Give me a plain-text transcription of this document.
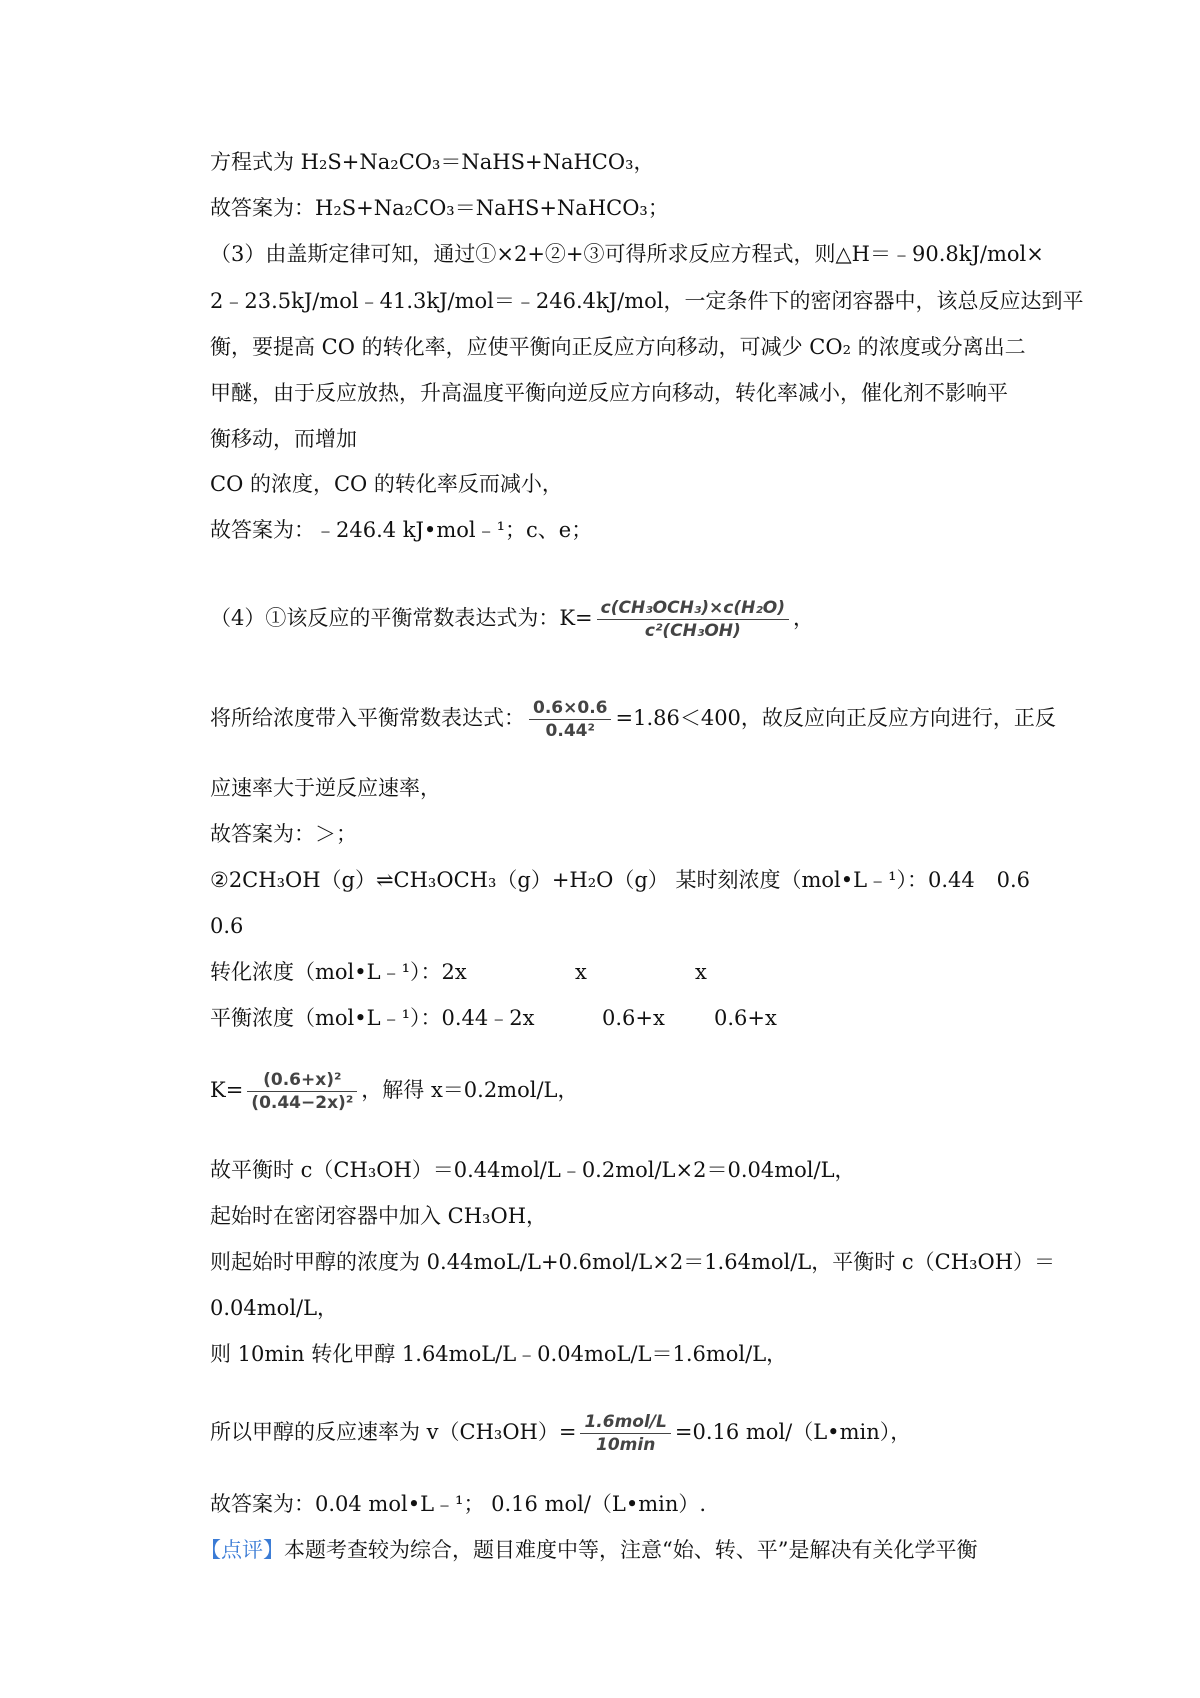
方程式为 H₂S+Na₂CO₃＝NaHS+NaHCO₃，
故答案为：H₂S+Na₂CO₃＝NaHS+NaHCO₃；
（3）由盖斯定律可知，通过①×2+②+③可得所求反应方程式，则△H＝﹣90.8kJ/mol×
2﹣23.5kJ/mol﹣41.3kJ/mol＝﹣246.4kJ/mol，一定条件下的密闭容器中，该总反应达到平
衡，要提高 CO 的转化率，应使平衡向正反应方向移动，可减少 CO₂ 的浓度或分离出二
甲醚，由于反应放热，升高温度平衡向逆反应方向移动，转化率减小，催化剂不影响平
衡移动，而增加
CO 的浓度，CO 的转化率反而减小，
故答案为：﹣246.4 kJ•mol﹣¹；c、e；
（4）①该反应的平衡常数表达式为：$K= \frac{\text{c(CH₃OCH₃)×c(H₂O)}}{\text{c²(CH₃OH)}}$ ，
将所给浓度带入平衡常数表达式： $\frac{0.6\times 0.6}{\text{0.44²}} =1.86<400$，故反应向正反应方向进行，正反
应速率大于逆反应速率，
故答案为：＞；
②2CH₃OH（g）⇌CH₃OCH₃（g）+H₂O（g） 某时刻浓度（mol•L﹣¹）：0.44 0.6
0.6
转化浓度（mol•L﹣¹）：2x	x	x
平衡浓度（mol•L﹣¹）：0.44﹣2x	0.6+x 0.6+x
$K= \frac{\text{(0.6+x)²}}{\text{(0.44−2x)²}}$ ，解得 x＝0.2mol/L，
故平衡时 c（CH₃OH）＝0.44mol/L﹣0.2mol/L×2＝0.04mol/L，
起始时在密闭容器中加入 CH₃OH，
则起始时甲醇的浓度为 0.44moL/L+0.6mol/L×2＝1.64mol/L，平衡时 c（CH₃OH）＝
0.04mol/L，
则 10min 转化甲醇 1.64moL/L﹣0.04moL/L＝1.6mol/L，
所以甲醇的反应速率为 $v(CH_3OH)= \frac{\text{1.6mol/L}}{10\min} =0.16$ mol/（L•min），
故答案为：0.04 mol•L﹣¹； 0.16 mol/（L•min）.
【点评】本题考查较为综合，题目难度中等，注意“始、转、平”是解决有关化学平衡
